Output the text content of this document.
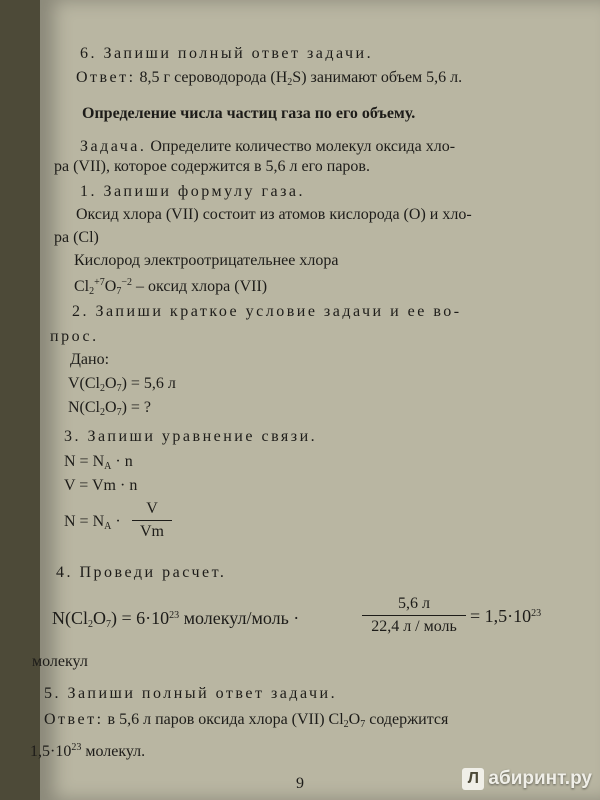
6. Запиши полный ответ задачи.
Ответ: 8,5 г сероводорода $(H_2S)$ занимают объем 5,6 л.
Определение числа частиц газа по его объему.
Задача. Определите количество молекул оксида хло-
ра (VII), которое содержится в 5,6 л его паров.
1. Запиши формулу газа.
Оксид хлора (VII) состоит из атомов кислорода (O) и хло-
ра (Cl)
Кислород электроотрицательнее хлора
$Cl_2^{+7}O_7^{-2}$ – оксид хлора (VII)
2. Запиши краткое условие задачи и ее во-
прос.
Дано:
$V(Cl_2O_7) = 5,6$ л
$N(Cl_2O_7)$ = ?
3. Запиши уравнение связи.
$N = N_A \cdot n$
V = Vm · n
$N = N_A$ ·
V
Vm
4. Проведи расчет.
$N(Cl_2O_7) = 6\cdot 10^{23}$ молекул/моль ·
5,6 л
22,4 л / моль
= $1,5\cdot 10^{23}$
молекул
5. Запиши полный ответ задачи.
Ответ: в 5,6 л паров оксида хлора (VII) $Cl_2O_7$ содержится
$1,5\cdot 10^{23}$ молекул.
9	Л абиринт.ру
